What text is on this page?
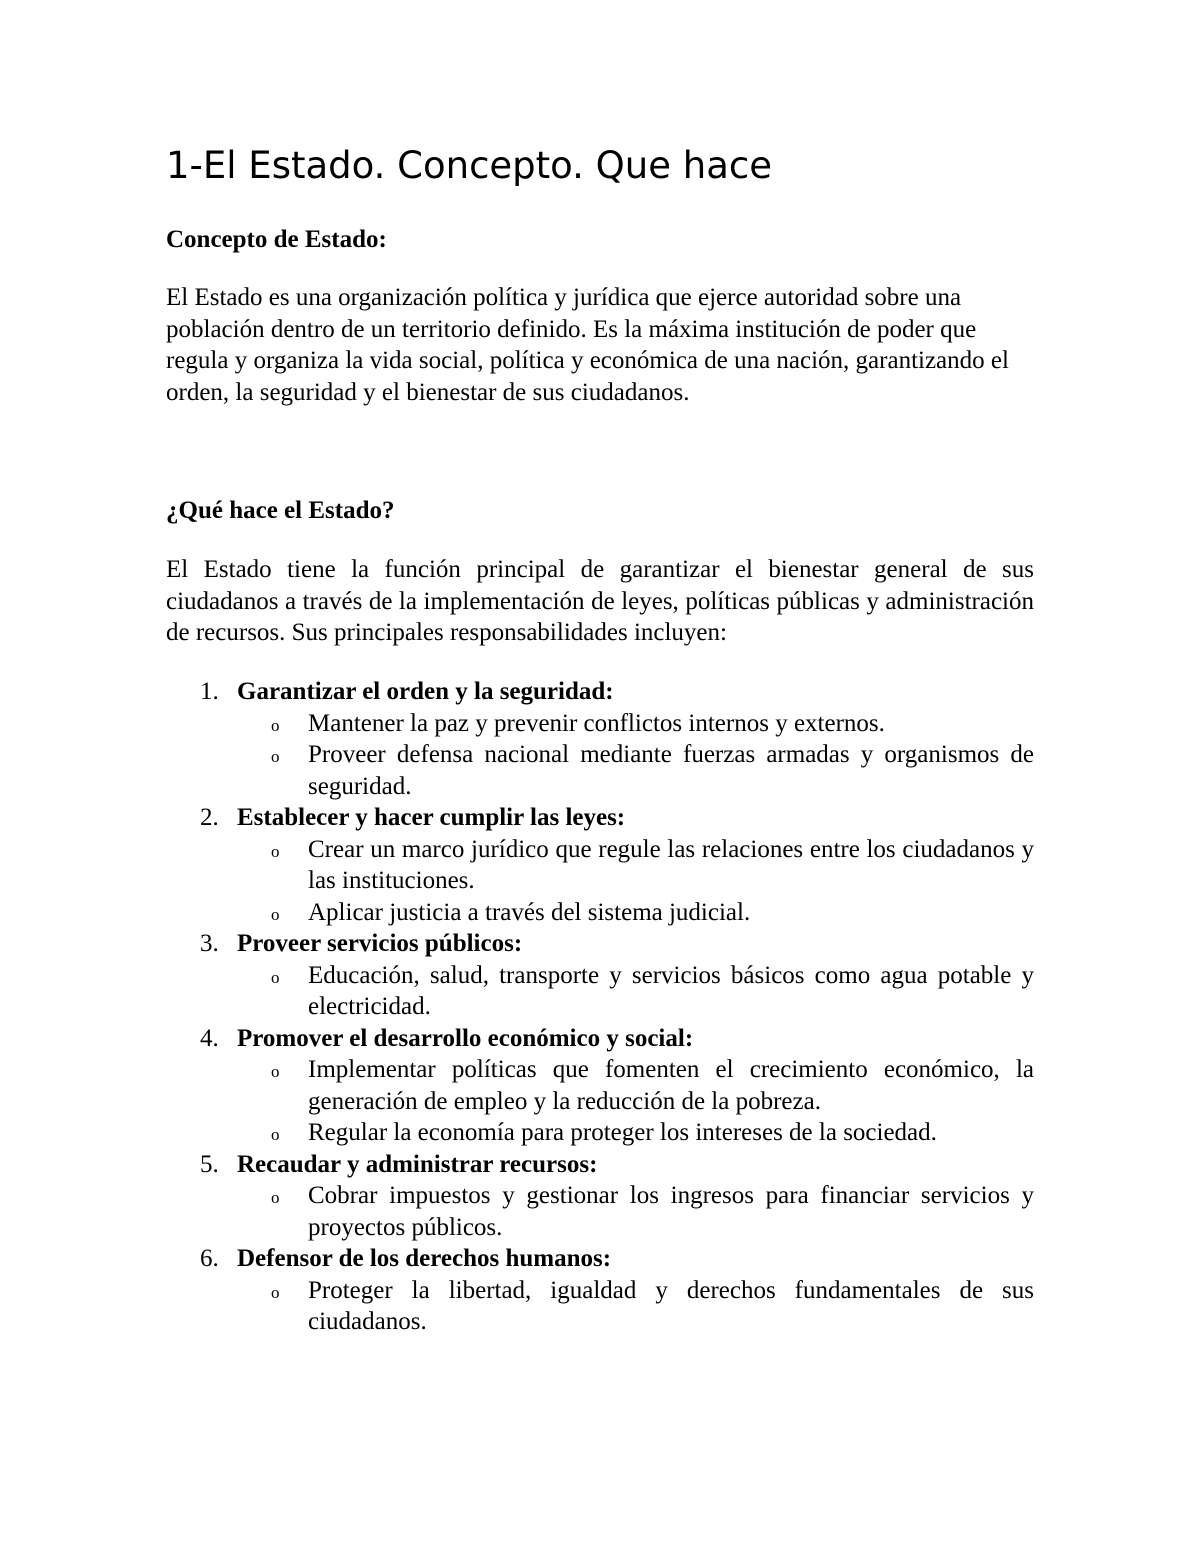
1-El Estado. Concepto. Que hace
Concepto de Estado:

El Estado es una organización política y jurídica que ejerce autoridad sobre una población dentro de un territorio definido. Es la máxima institución de poder que regula y organiza la vida social, política y económica de una nación, garantizando el orden, la seguridad y el bienestar de sus ciudadanos.

¿Qué hace el Estado?

El Estado tiene la función principal de garantizar el bienestar general de sus ciudadanos a través de la implementación de leyes, políticas públicas y administración de recursos. Sus principales responsabilidades incluyen:

1. Garantizar el orden y la seguridad:
o Mantener la paz y prevenir conflictos internos y externos.
o Proveer defensa nacional mediante fuerzas armadas y organismos de seguridad.
2. Establecer y hacer cumplir las leyes:
o Crear un marco jurídico que regule las relaciones entre los ciudadanos y las instituciones.
o Aplicar justicia a través del sistema judicial.
3. Proveer servicios públicos:
o Educación, salud, transporte y servicios básicos como agua potable y electricidad.
4. Promover el desarrollo económico y social:
o Implementar políticas que fomenten el crecimiento económico, la generación de empleo y la reducción de la pobreza.
o Regular la economía para proteger los intereses de la sociedad.
5. Recaudar y administrar recursos:
o Cobrar impuestos y gestionar los ingresos para financiar servicios y proyectos públicos.
6. Defensor de los derechos humanos:
o Proteger la libertad, igualdad y derechos fundamentales de sus ciudadanos.
